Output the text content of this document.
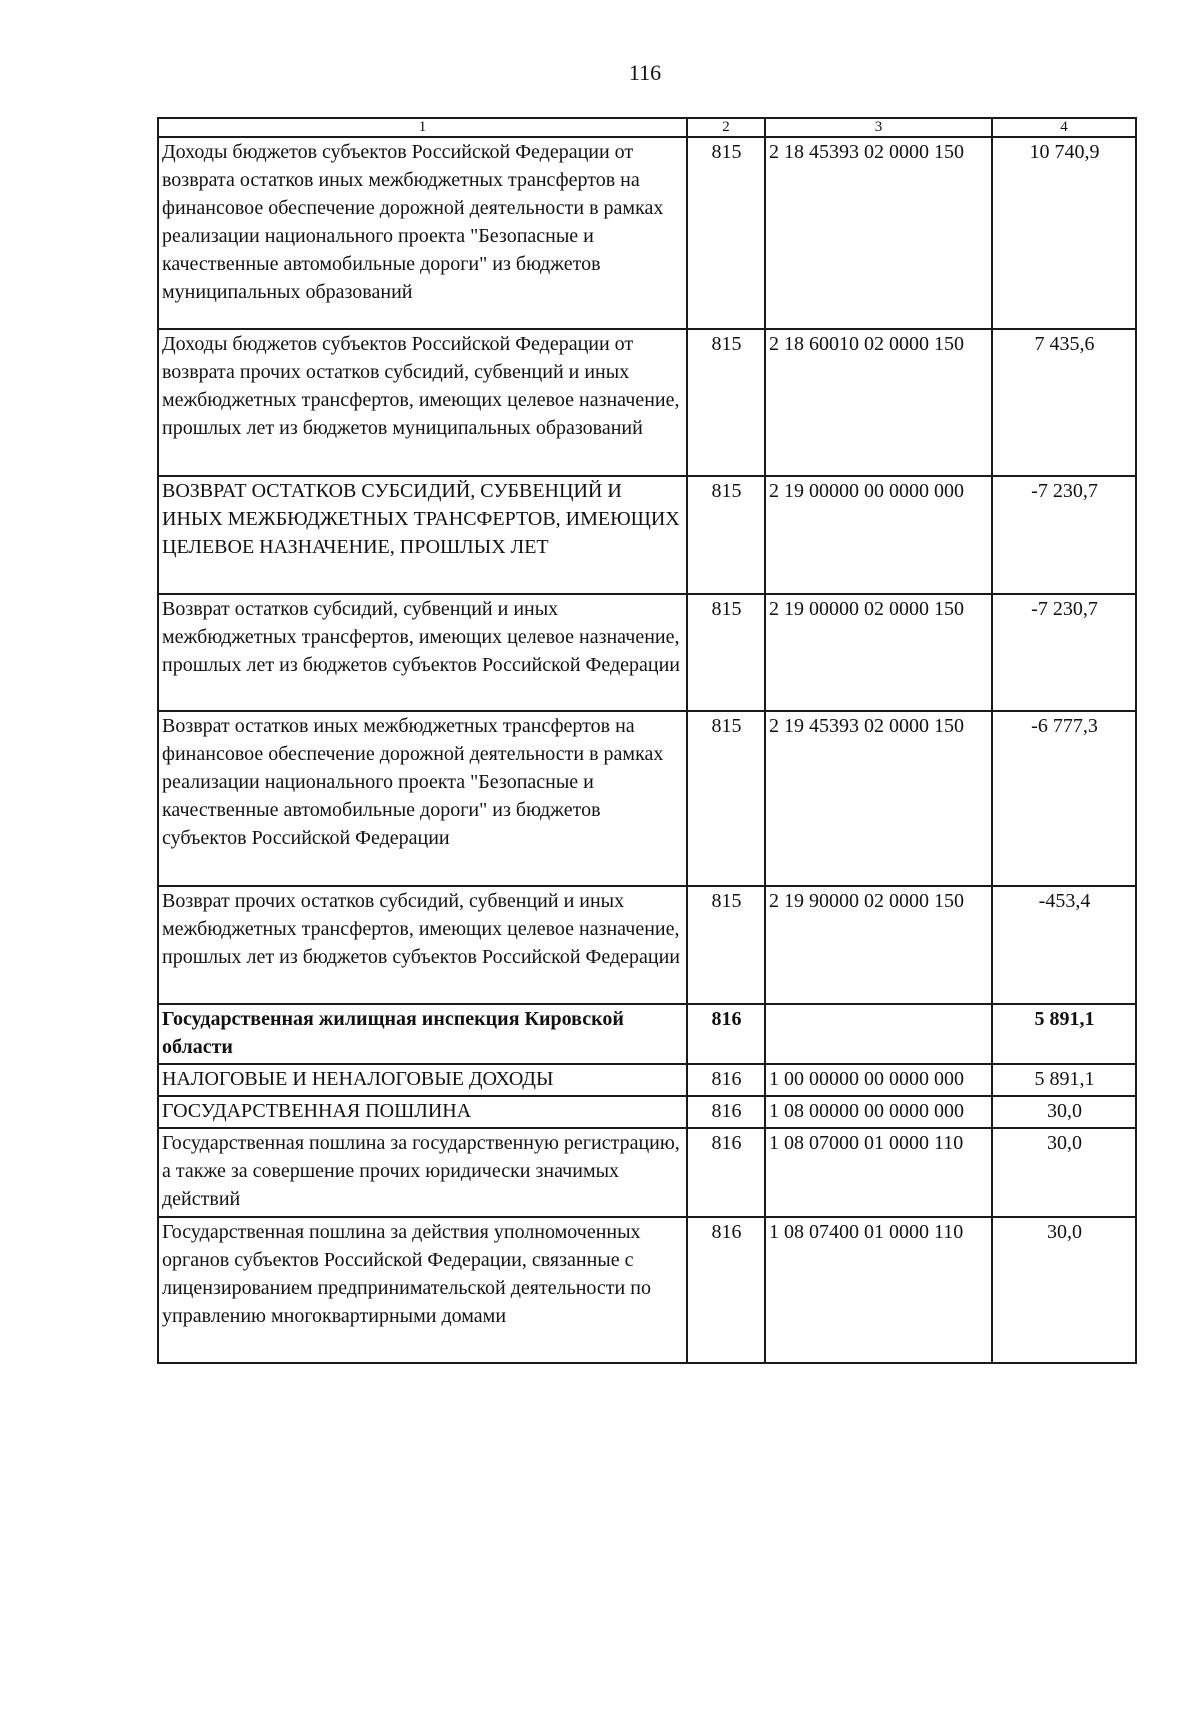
116
1	2	3	4
Доходы бюджетов субъектов Российской Федерации от возврата остатков иных межбюджетных трансфертов на финансовое обеспечение дорожной деятельности в рамках реализации национального проекта "Безопасные и качественные автомобильные дороги" из бюджетов муниципальных образований	815	2 18 45393 02 0000 150	10 740,9
Доходы бюджетов субъектов Российской Федерации от возврата прочих остатков субсидий, субвенций и иных межбюджетных трансфертов, имеющих целевое назначение, прошлых лет из бюджетов муниципальных образований	815	2 18 60010 02 0000 150	7 435,6
ВОЗВРАТ ОСТАТКОВ СУБСИДИЙ, СУБВЕНЦИЙ И ИНЫХ МЕЖБЮДЖЕТНЫХ ТРАНСФЕРТОВ, ИМЕЮЩИХ ЦЕЛЕВОЕ НАЗНАЧЕНИЕ, ПРОШЛЫХ ЛЕТ	815	2 19 00000 00 0000 000	-7 230,7
Возврат остатков субсидий, субвенций и иных межбюджетных трансфертов, имеющих целевое назначение, прошлых лет из бюджетов субъектов Российской Федерации	815	2 19 00000 02 0000 150	-7 230,7
Возврат остатков иных межбюджетных трансфертов на финансовое обеспечение дорожной деятельности в рамках реализации национального проекта "Безопасные и качественные автомобильные дороги" из бюджетов субъектов Российской Федерации	815	2 19 45393 02 0000 150	-6 777,3
Возврат прочих остатков субсидий, субвенций и иных межбюджетных трансфертов, имеющих целевое назначение, прошлых лет из бюджетов субъектов Российской Федерации	815	2 19 90000 02 0000 150	-453,4
Государственная жилищная инспекция Кировской области	816		5 891,1
НАЛОГОВЫЕ И НЕНАЛОГОВЫЕ ДОХОДЫ	816	1 00 00000 00 0000 000	5 891,1
ГОСУДАРСТВЕННАЯ ПОШЛИНА	816	1 08 00000 00 0000 000	30,0
Государственная пошлина за государственную регистрацию, а также за совершение прочих юридически значимых действий	816	1 08 07000 01 0000 110	30,0
Государственная пошлина за действия уполномоченных органов субъектов Российской Федерации, связанные с лицензированием предпринимательской деятельности по управлению многоквартирными домами	816	1 08 07400 01 0000 110	30,0
